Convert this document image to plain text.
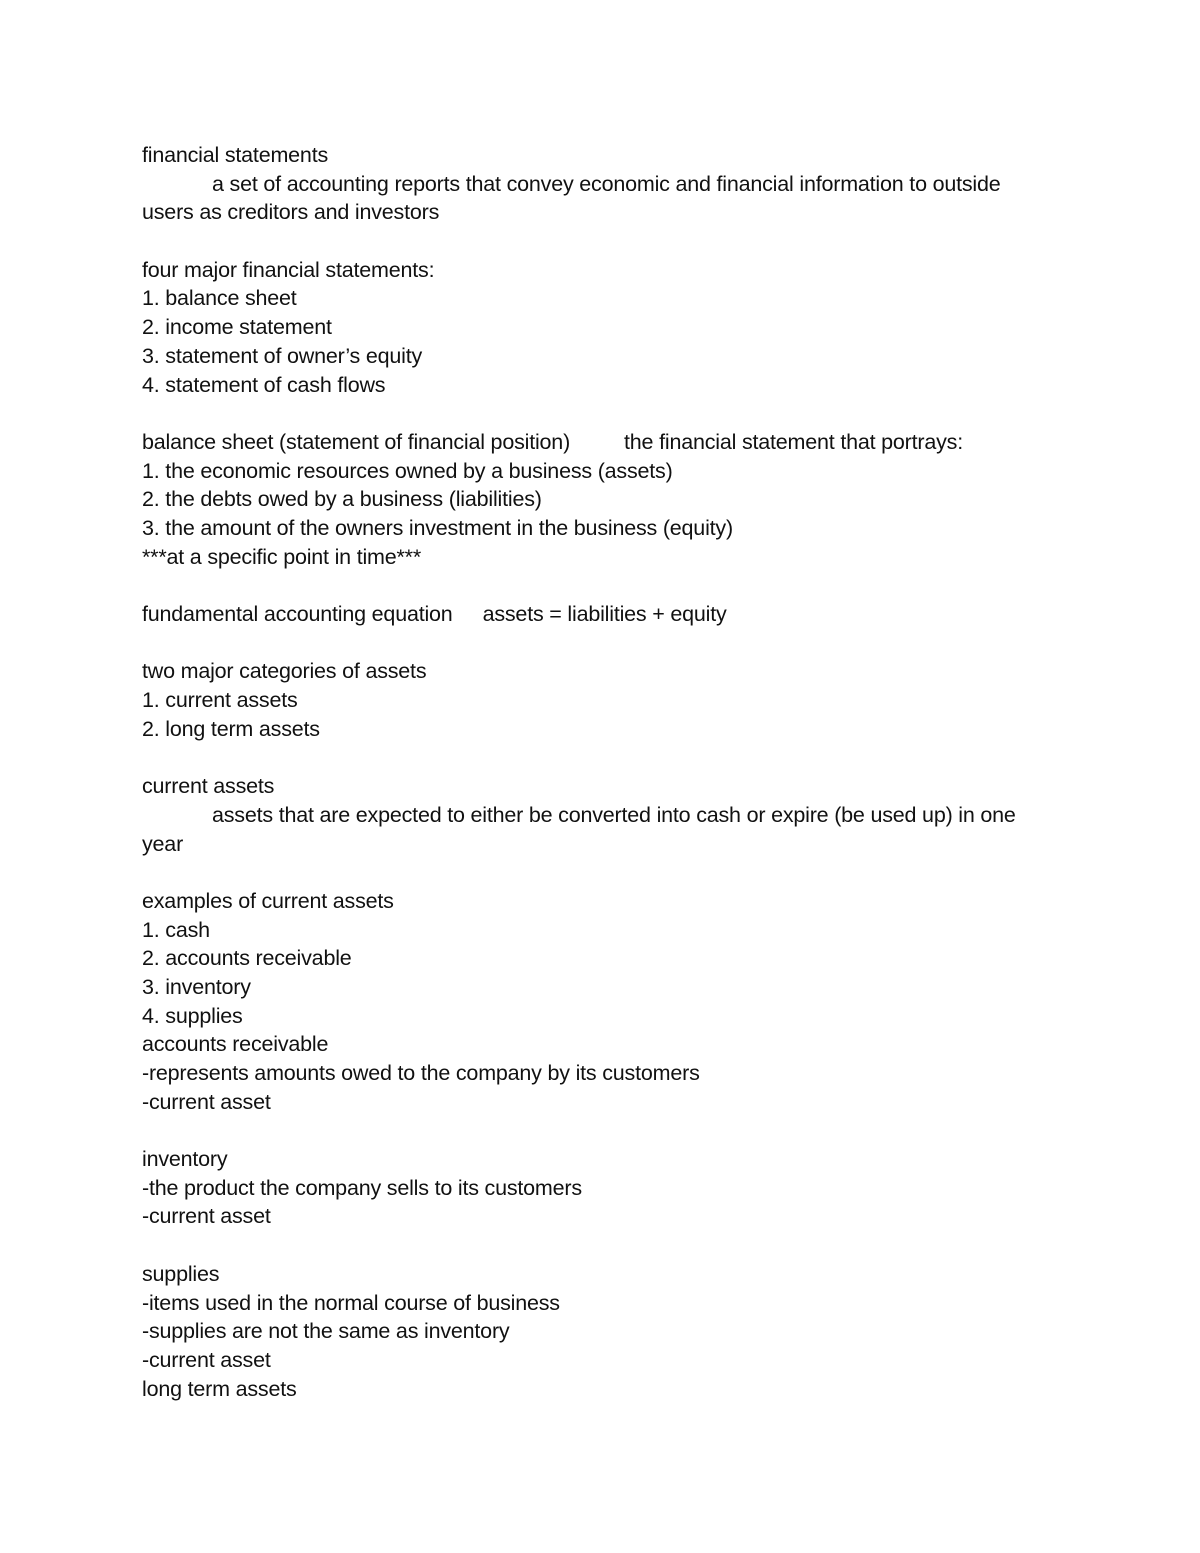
financial statements
a set of accounting reports that convey economic and financial information to outside
users as creditors and investors
four major financial statements:
1. balance sheet
2. income statement
3. statement of owner’s equity
4. statement of cash flows
balance sheet (statement of financial position)	the financial statement that portrays:
1. the economic resources owned by a business (assets)
2. the debts owed by a business (liabilities)
3. the amount of the owners investment in the business (equity)
***at a specific point in time***
fundamental accounting equation assets = liabilities + equity
two major categories of assets
1. current assets
2. long term assets
current assets
assets that are expected to either be converted into cash or expire (be used up) in one
year
examples of current assets
1. cash
2. accounts receivable
3. inventory
4. supplies
accounts receivable
-represents amounts owed to the company by its customers
-current asset
inventory
-the product the company sells to its customers
-current asset
supplies
-items used in the normal course of business
-supplies are not the same as inventory
-current asset
long term assets
